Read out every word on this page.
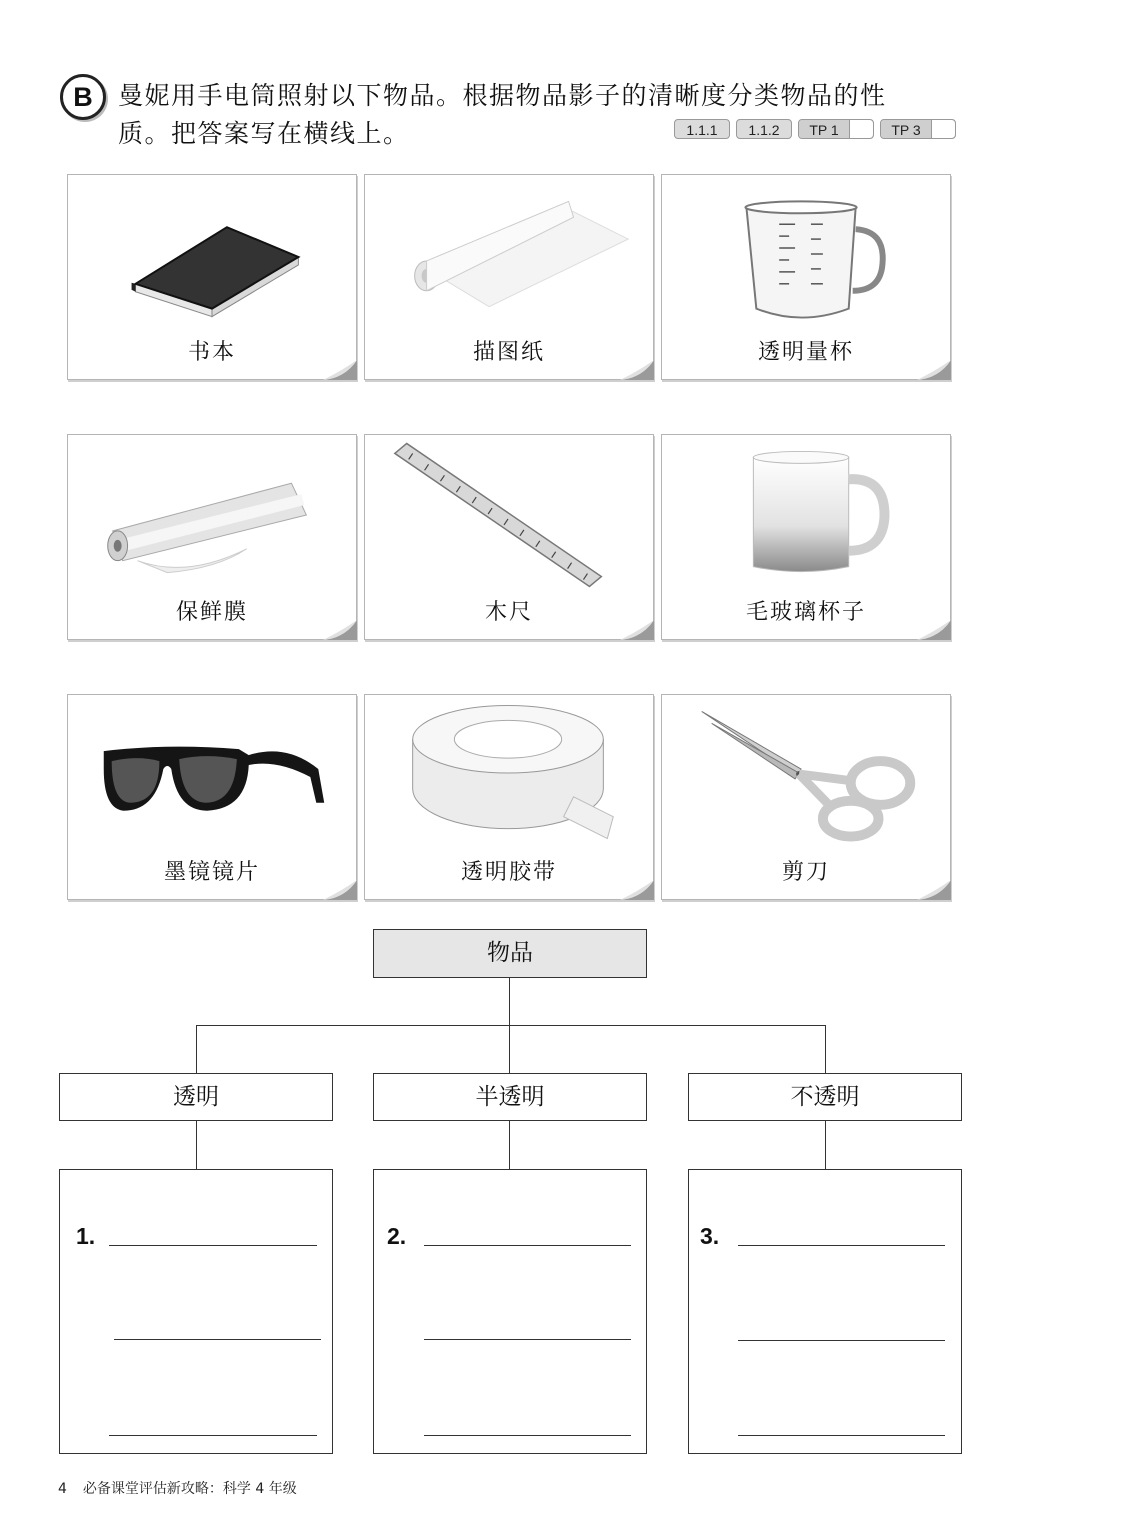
B	曼妮用手电筒照射以下物品。根据物品影子的清晰度分类物品的性
质。把答案写在横线上。	1.1.1	1.1.2	TP 1	TP 3
书本	描图纸	透明量杯
保鲜膜	木尺	毛玻璃杯子
墨镜镜片	透明胶带	剪刀
物品
透明	半透明	不透明
1.	2.	3.
4 必备课堂评估新攻略：科学 4 年级
